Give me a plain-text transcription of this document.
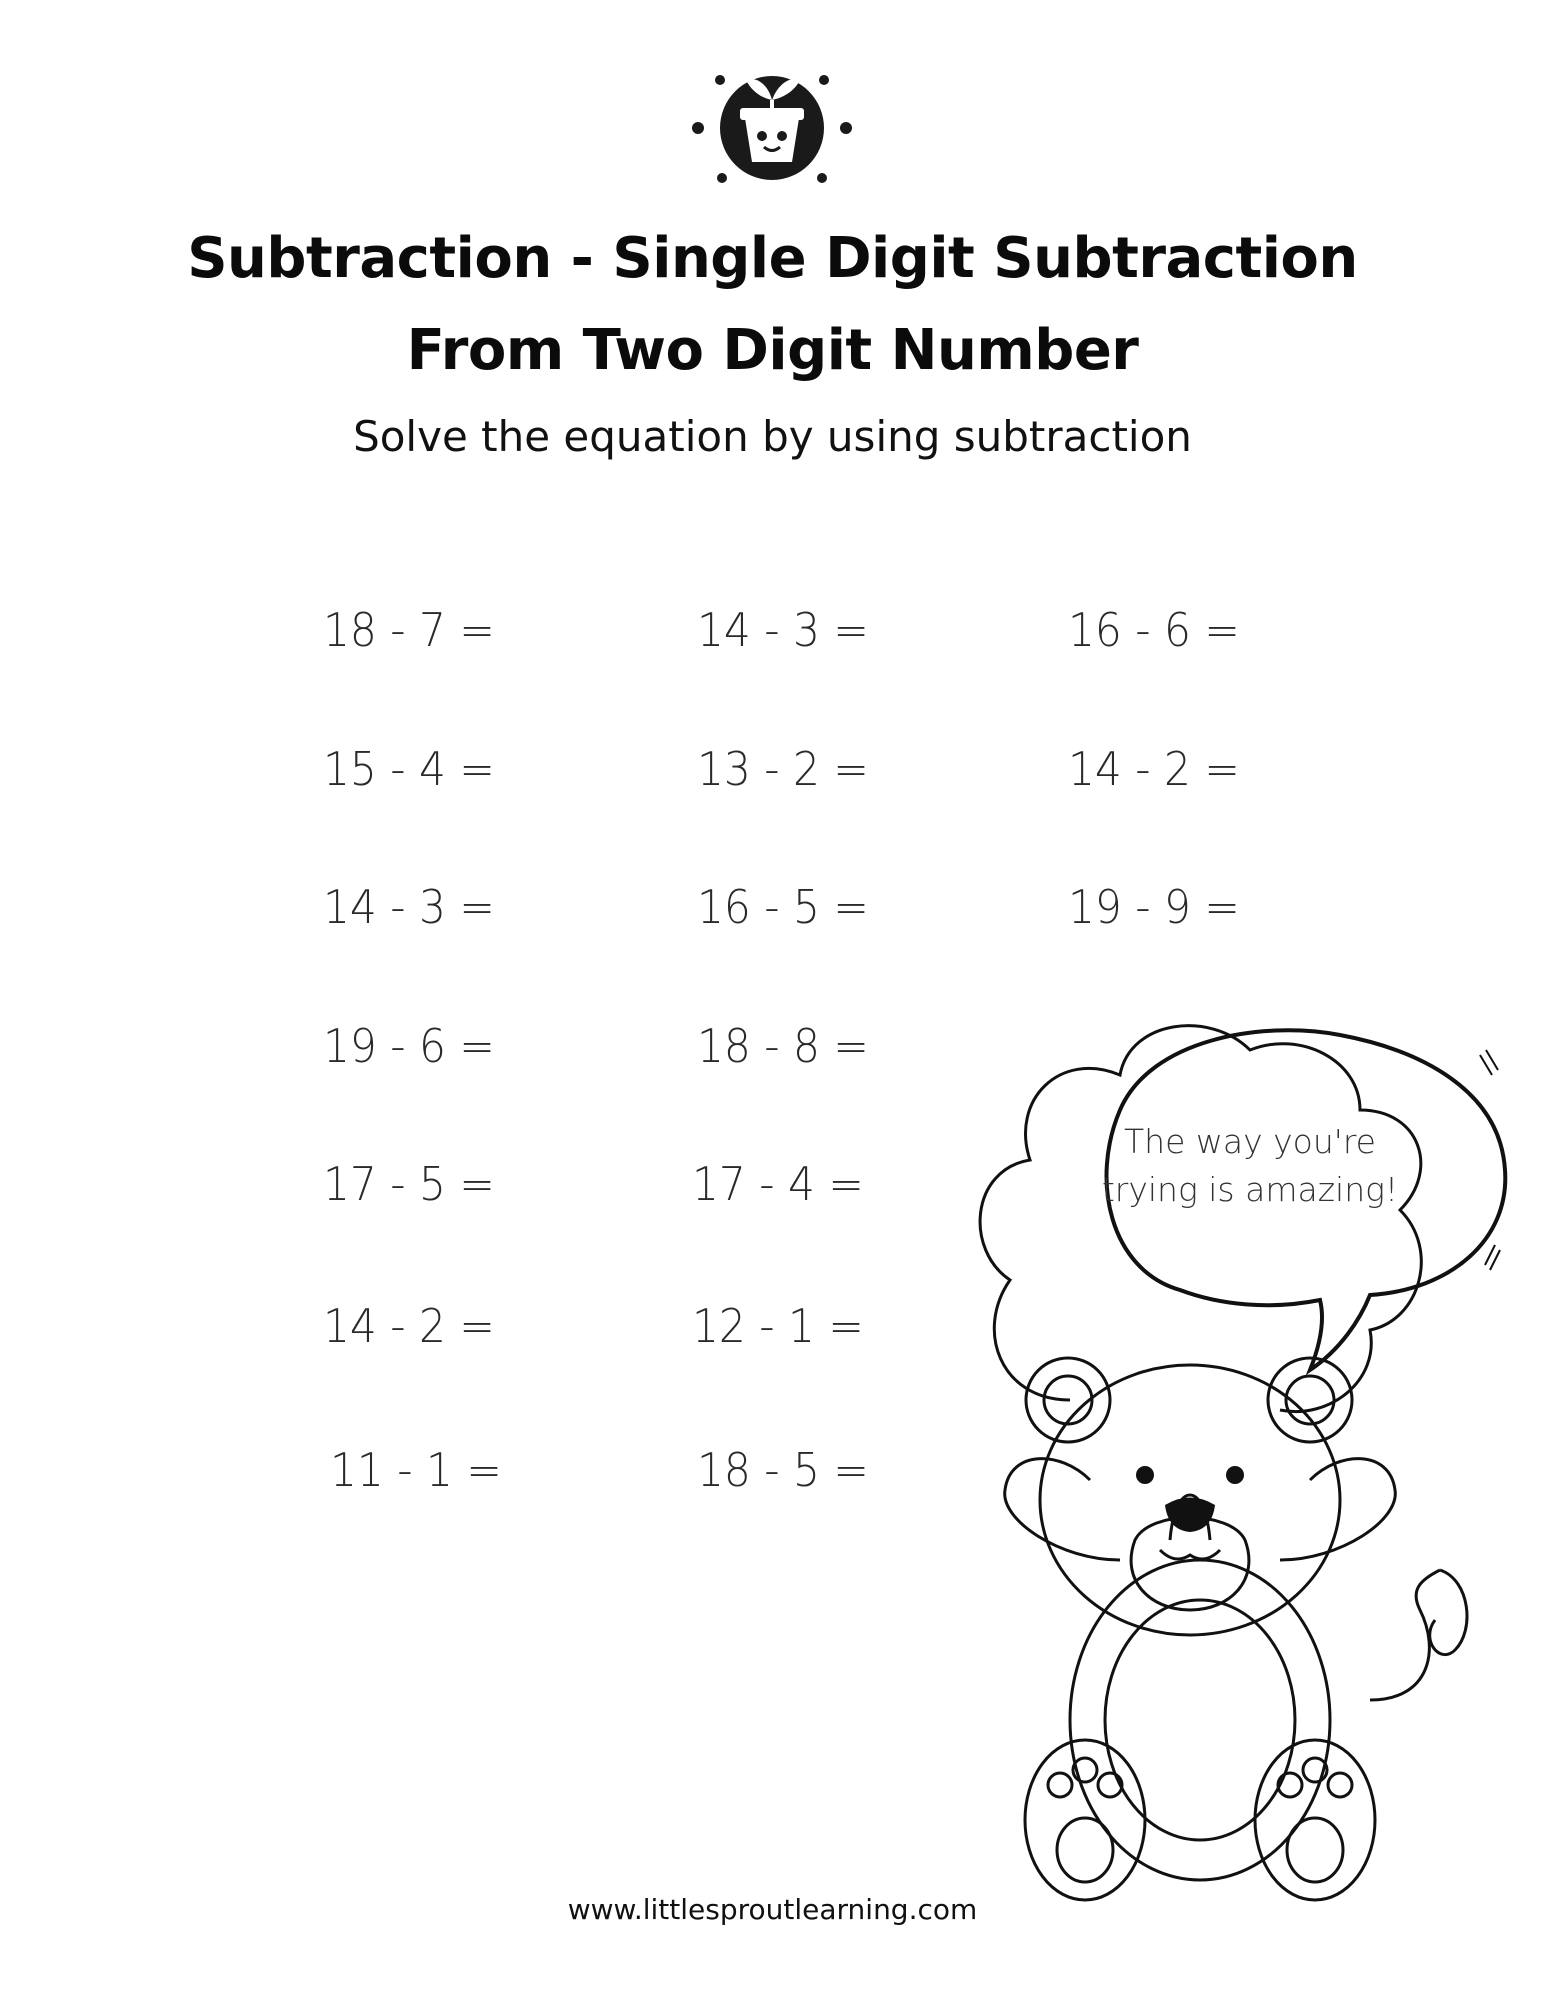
Subtraction - Single Digit Subtraction
From Two Digit Number
Solve the equation by using subtraction
18 - 7 =
15 - 4 =
14 - 3 =
19 - 6 =
17 - 5 =
14 - 2 =
11 - 1 =
14 - 3 =
13 - 2 =
16 - 5 =
18 - 8 =
17 - 4 =
12 - 1 =
18 - 5 =
16 - 6 =
14 - 2 =
19 - 9 =
The way you're
trying is amazing!
www.littlesproutlearning.com
